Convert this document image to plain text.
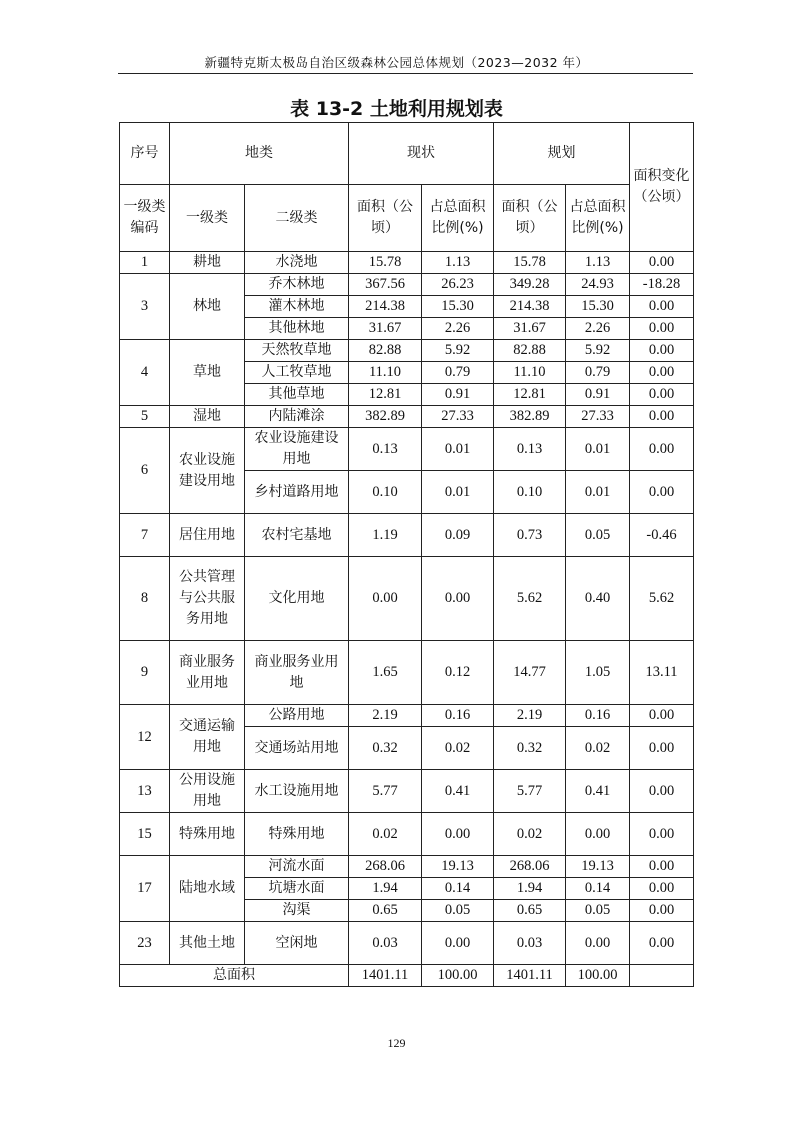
新疆特克斯太极岛自治区级森林公园总体规划（2023—2032 年）
表 13-2 土地利用规划表
序号	地类		现状		规划		面积变化（公顷）
一级类编码	一级类	二级类	面积（公顷）	占总面积比例(%)	面积（公顷）	占总面积比例(%)	
1	耕地	水浇地	15.78	1.13	15.78	1.13	0.00
3	林地	乔木林地	367.56	26.23	349.28	24.93	-18.28
		灌木林地	214.38	15.30	214.38	15.30	0.00
		其他林地	31.67	2.26	31.67	2.26	0.00
4	草地	天然牧草地	82.88	5.92	82.88	5.92	0.00
		人工牧草地	11.10	0.79	11.10	0.79	0.00
		其他草地	12.81	0.91	12.81	0.91	0.00
5	湿地	内陆滩涂	382.89	27.33	382.89	27.33	0.00
6	农业设施建设用地	农业设施建设用地	0.13	0.01	0.13	0.01	0.00
		乡村道路用地	0.10	0.01	0.10	0.01	0.00
7	居住用地	农村宅基地	1.19	0.09	0.73	0.05	-0.46
8	公共管理与公共服务用地	文化用地	0.00	0.00	5.62	0.40	5.62
9	商业服务业用地	商业服务业用地	1.65	0.12	14.77	1.05	13.11
12	交通运输用地	公路用地	2.19	0.16	2.19	0.16	0.00
		交通场站用地	0.32	0.02	0.32	0.02	0.00
13	公用设施用地	水工设施用地	5.77	0.41	5.77	0.41	0.00
15	特殊用地	特殊用地	0.02	0.00	0.02	0.00	0.00
17	陆地水域	河流水面	268.06	19.13	268.06	19.13	0.00
		坑塘水面	1.94	0.14	1.94	0.14	0.00
		沟渠	0.65	0.05	0.65	0.05	0.00
23	其他土地	空闲地	0.03	0.00	0.03	0.00	0.00
总面积			1401.11	100.00	1401.11	100.00	
129
